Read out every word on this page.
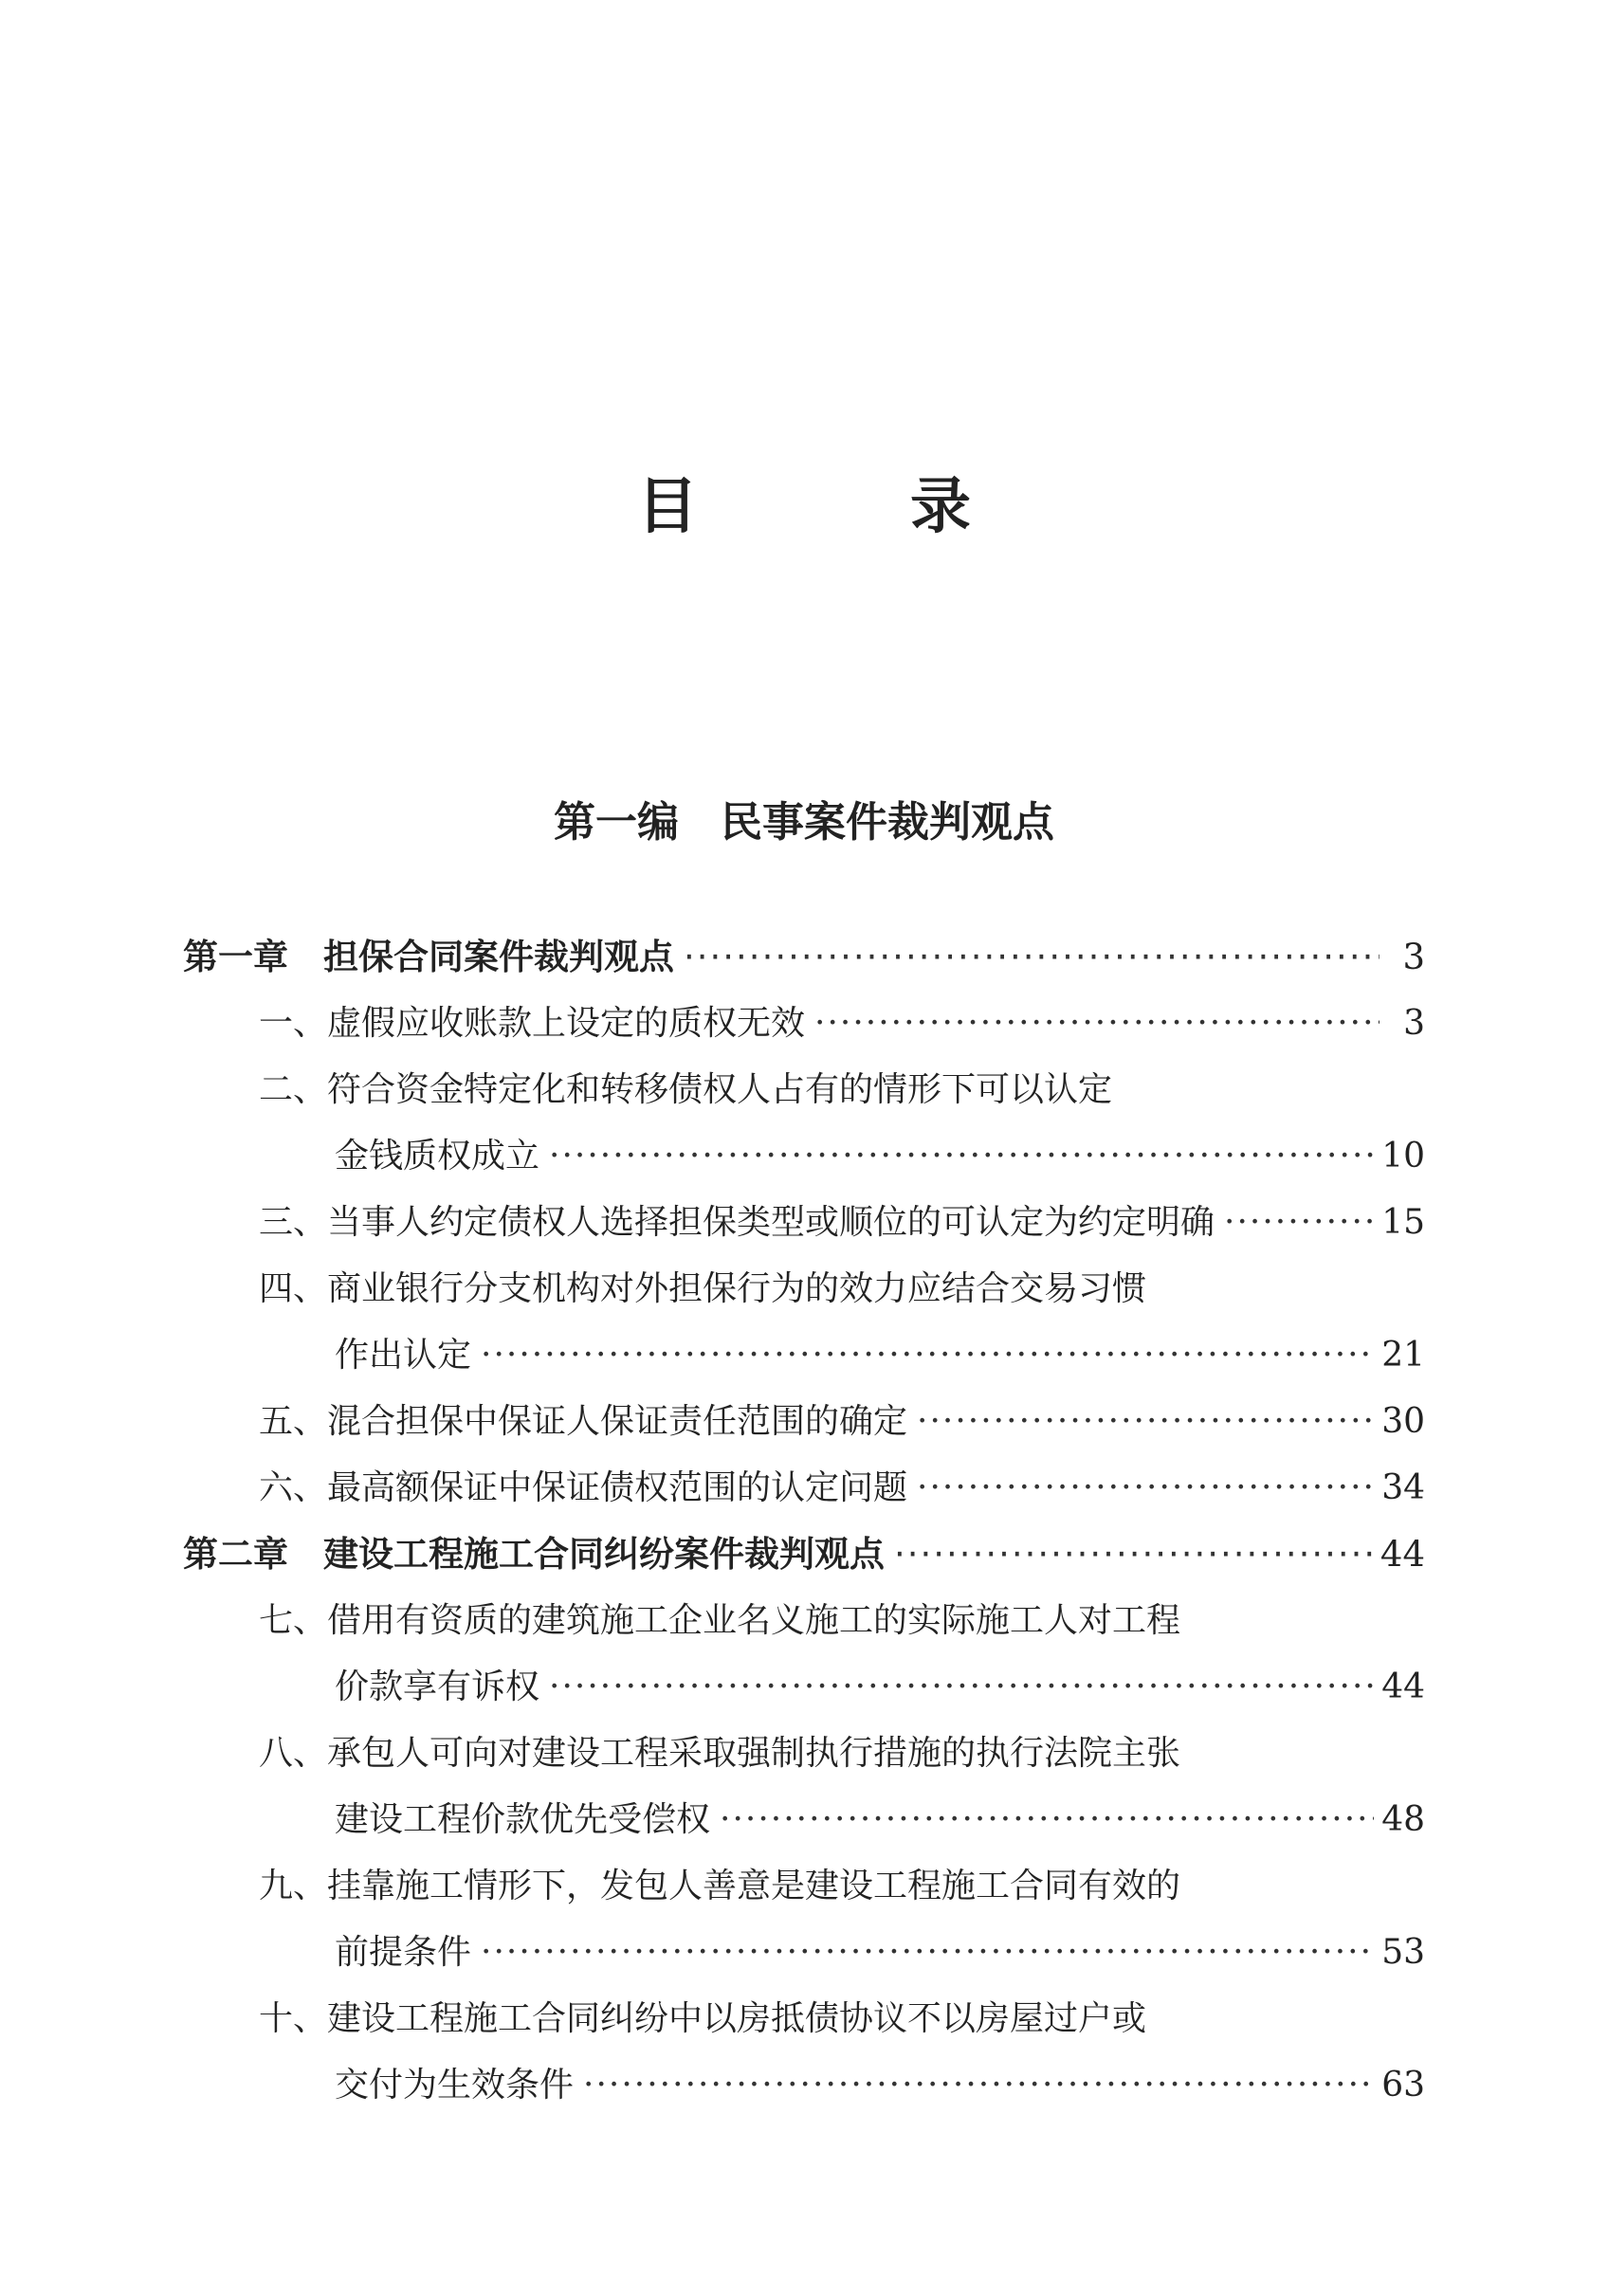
目　录
第一编　民事案件裁判观点
第一章　担保合同案件裁判观点 ·····	3
一、虚假应收账款上设定的质权无效 ·····	3
二、符合资金特定化和转移债权人占有的情形下可以认定
金钱质权成立 ·····	10
三、当事人约定债权人选择担保类型或顺位的可认定为约定明确 ·····	15
四、商业银行分支机构对外担保行为的效力应结合交易习惯
作出认定 ·····	21
五、混合担保中保证人保证责任范围的确定 ·····	30
六、最高额保证中保证债权范围的认定问题 ·····	34
第二章　建设工程施工合同纠纷案件裁判观点 ·····	44
七、借用有资质的建筑施工企业名义施工的实际施工人对工程
价款享有诉权 ·····	44
八、承包人可向对建设工程采取强制执行措施的执行法院主张
建设工程价款优先受偿权 ·····	48
九、挂靠施工情形下，发包人善意是建设工程施工合同有效的
前提条件 ·····	53
十、建设工程施工合同纠纷中以房抵债协议不以房屋过户或
交付为生效条件 ·····	63
